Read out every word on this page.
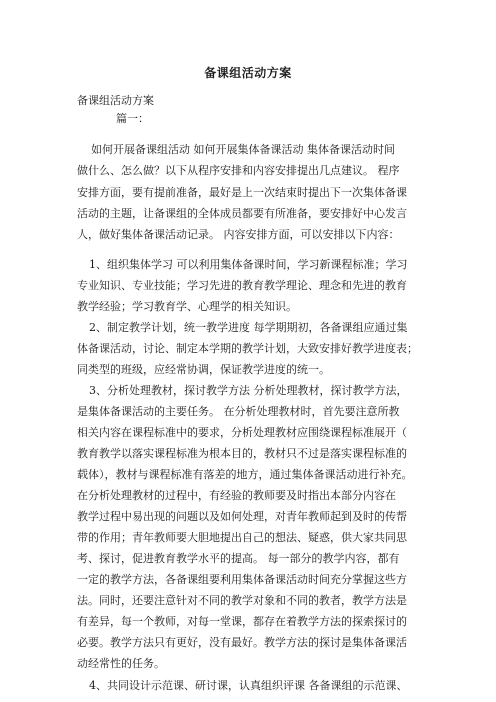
备课组活动方案
备课组活动方案
篇一：
如何开展备课组活动 如何开展集体备课活动 集体备课活动时间
做什么、怎么做？以下从程序安排和内容安排提出几点建议。 程序
安排方面，要有提前准备，最好是上一次结束时提出下一次集体备课
活动的主题，让备课组的全体成员都要有所准备，要安排好中心发言
人，做好集体备课活动记录。 内容安排方面，可以安排以下内容：
1、组织集体学习 可以利用集体备课时间，学习新课程标准；学习
专业知识、专业技能；学习先进的教育教学理论、理念和先进的教育
教学经验；学习教育学、心理学的相关知识。
2、制定教学计划，统一教学进度 每学期期初，各备课组应通过集
体备课活动，讨论、制定本学期的教学计划，大致安排好教学进度表；
同类型的班级，应经常协调，保证教学进度的统一。
3、分析处理教材，探讨教学方法 分析处理教材，探讨教学方法，
是集体备课活动的主要任务。 在分析处理教材时，首先要注意所教
相关内容在课程标准中的要求，分析处理教材应围绕课程标准展开（
教育教学以落实课程标准为根本目的，教材只不过是落实课程标准的
载体），教材与课程标准有落差的地方，通过集体备课活动进行补充。
在分析处理教材的过程中，有经验的教师要及时指出本部分内容在
教学过程中易出现的问题以及如何处理，对青年教师起到及时的传帮
带的作用；青年教师要大胆地提出自己的想法、疑惑，供大家共同思
考、探讨，促进教育教学水平的提高。 每一部分的教学内容，都有
一定的教学方法，各备课组要利用集体备课活动时间充分掌握这些方
法。同时，还要注意针对不同的教学对象和不同的教者，教学方法是
有差异，每一个教师，对每一堂课，都存在着教学方法的探索探讨的
必要。教学方法只有更好，没有最好。教学方法的探讨是集体备课活
动经常性的任务。
4、共同设计示范课、研讨课，认真组织评课 各备课组的示范课、
